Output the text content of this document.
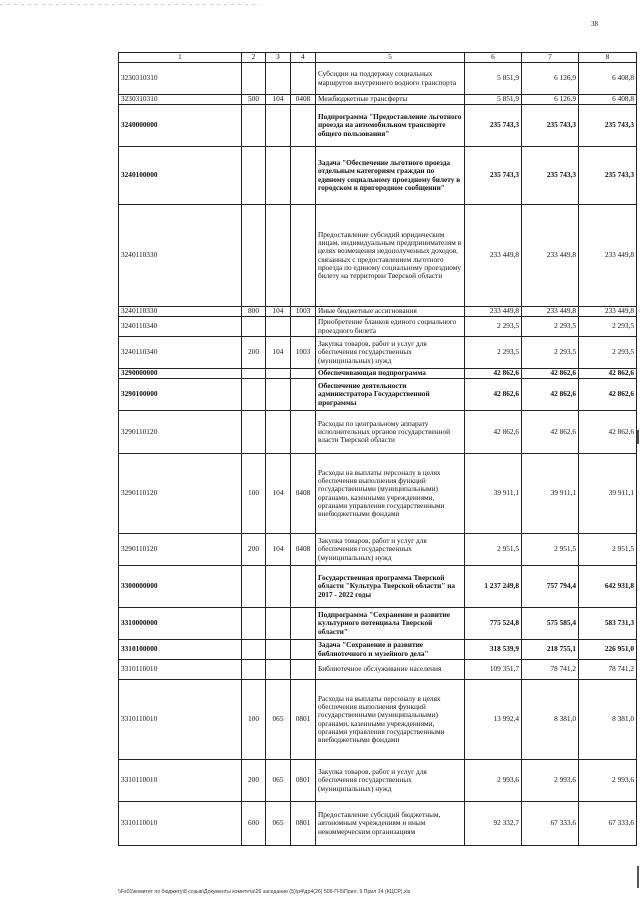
38
1	2	3	4	5	6	7	8
3230310310				Субсидии на поддержку социальных маршрутов внутреннего водного транспорта	5 851,9	6 126,9	6 408,8
3230310310	500	104	0408	Межбюджетные трансферты	5 851,9	6 126,9	6 408,8
3240000000				Подпрограмма "Предоставление льготного проезда на автомобильном транспорте общего пользования"	235 743,3	235 743,3	235 743,3
3240100000				Задача "Обеспечение льготного проезда отдельным категориям граждан по единому социальному проездному билету в городском и пригородном сообщении"	235 743,3	235 743,3	235 743,3
3240110330				Предоставление субсидий юридическим лицам, индивидуальным предпринимателям в целях возмещения недополученных доходов, связанных с предоставлением льготного проезда по единому социальному проездному билету на территории Тверской области	233 449,8	233 449,8	233 449,8
3240110330	800	104	1003	Иные бюджетные ассигнования	233 449,8	233 449,8	233 449,8
3240110340				Приобретение бланков единого социального проездного билета	2 293,5	2 293,5	2 293,5
3240110340	200	104	1003	Закупка товаров, работ и услуг для обеспечения государственных (муниципальных) нужд	2 293,5	2 293,5	2 293,5
3290000000				Обеспечивающая подпрограмма	42 862,6	42 862,6	42 862,6
3290100000				Обеспечение деятельности администратора Государственной программы	42 862,6	42 862,6	42 862,6
3290110120				Расходы по центральному аппарату исполнительных органов государственной власти Тверской области	42 862,6	42 862,6	42 862,6
3290110120	100	104	0408	Расходы на выплаты персоналу в целях обеспечения выполнения функций государственными (муниципальными) органами, казенными учреждениями, органами управления государственными внебюджетными фондами	39 911,1	39 911,1	39 911,1
3290110120	200	104	0408	Закупка товаров, работ и услуг для обеспечения государственных (муниципальных) нужд	2 951,5	2 951,5	2 951,5
3300000000				Государственная программа Тверской области "Культура Тверской области" на 2017 - 2022 годы	1 237 249,8	757 794,4	642 931,8
3310000000				Подпрограмма "Сохранение и развитие культурного потенциала Тверской области"	775 524,8	575 585,4	583 731,3
3310100000				Задача "Сохранение и развитие библиотечного и музейного дела"	318 539,9	218 755,1	226 951,0
3310110010				Библиотечное обслуживание населения	109 351,7	78 741,2	78 741,2
3310110010	100	065	0801	Расходы на выплаты персоналу в целях обеспечения выполнения функций государственными (муниципальными) органами, казенными учреждениями, органами управления государственными внебюджетными фондами	13 992,4	8 381,0	8 381,0
3310110010	200	065	0801	Закупка товаров, работ и услуг для обеспечения государственных (муниципальных) нужд	2 993,6	2 993,6	2 993,6
3310110010	600	065	0801	Предоставление субсидий бюджетным, автономным учреждениям и иным некоммерческим организациям	92 332,7	67 333,6	67 333,6
\\Fs01\комитет по бюджету\8 созыв\Документы комитета\26 заседание (5)\р4\др4(26) 506-П-5\Прил. 9 Прил 14 (КЦСР).xls
